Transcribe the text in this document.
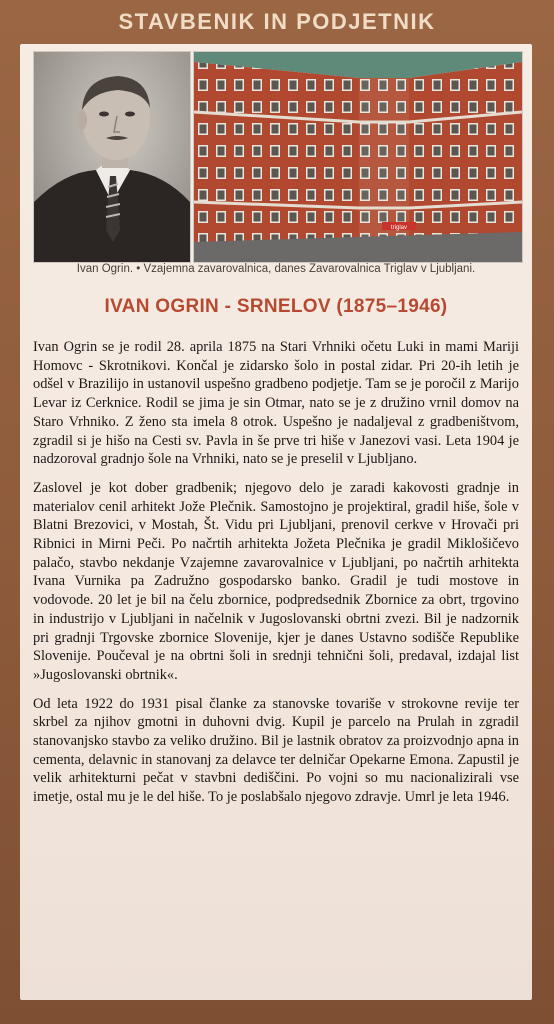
STAVBENIK IN PODJETNIK
triglav
Ivan Ogrin. • Vzajemna zavarovalnica, danes Zavarovalnica Triglav v Ljubljani.
IVAN OGRIN - SRNELOV (1875–1946)

Ivan Ogrin se je rodil 28. aprila 1875 na Stari Vrhniki očetu Luki in mami Mariji Homovc - Skrotnikovi. Končal je zidarsko šolo in postal zidar. Pri 20-ih letih je odšel v Brazilijo in ustanovil uspešno gradbeno podjetje. Tam se je poročil z Marijo Levar iz Cerknice. Rodil se jima je sin Otmar, nato se je z družino vrnil domov na Staro Vrhniko. Z ženo sta imela 8 otrok. Uspešno je nadaljeval z gradbeništvom, zgradil si je hišo na Cesti sv. Pavla in še prve tri hiše v Janezovi vasi. Leta 1904 je nadzoroval gradnjo šole na Vrhniki, nato se je preselil v Ljubljano.

Zaslovel je kot dober gradbenik; njegovo delo je zaradi kakovosti gradnje in materialov cenil arhitekt Jože Plečnik. Samostojno je projektiral, gradil hiše, šole v Blatni Brezovici, v Mostah, Št. Vidu pri Ljubljani, prenovil cerkve v Hrovači pri Ribnici in Mirni Peči. Po načrtih arhitekta Jožeta Plečnika je gradil Miklošičevo palačo, stavbo nekdanje Vzajemne zavarovalnice v Ljubljani, po načrtih arhitekta Ivana Vurnika pa Zadružno gospodarsko banko. Gradil je tudi mostove in vodovode. 20 let je bil na čelu zbornice, podpredsednik Zbornice za obrt, trgovino in industrijo v Ljubljani in načelnik v Jugoslovanski obrtni zvezi. Bil je nadzornik pri gradnji Trgovske zbornice Slovenije, kjer je danes Ustavno sodišče Republike Slovenije. Poučeval je na obrtni šoli in srednji tehnični šoli, predaval, izdajal list »Jugoslovanski obrtnik«.

Od leta 1922 do 1931 pisal članke za stanovske tovariše v strokovne revije ter skrbel za njihov gmotni in duhovni dvig. Kupil je parcelo na Prulah in zgradil stanovanjsko stavbo za veliko družino. Bil je lastnik obratov za proizvodnjo apna in cementa, delavnic in stanovanj za delavce ter delničar Opekarne Emona. Zapustil je velik arhitekturni pečat v stavbni dediščini. Po vojni so mu nacionalizirali vse imetje, ostal mu je le del hiše. To je poslabšalo njegovo zdravje. Umrl je leta 1946.
